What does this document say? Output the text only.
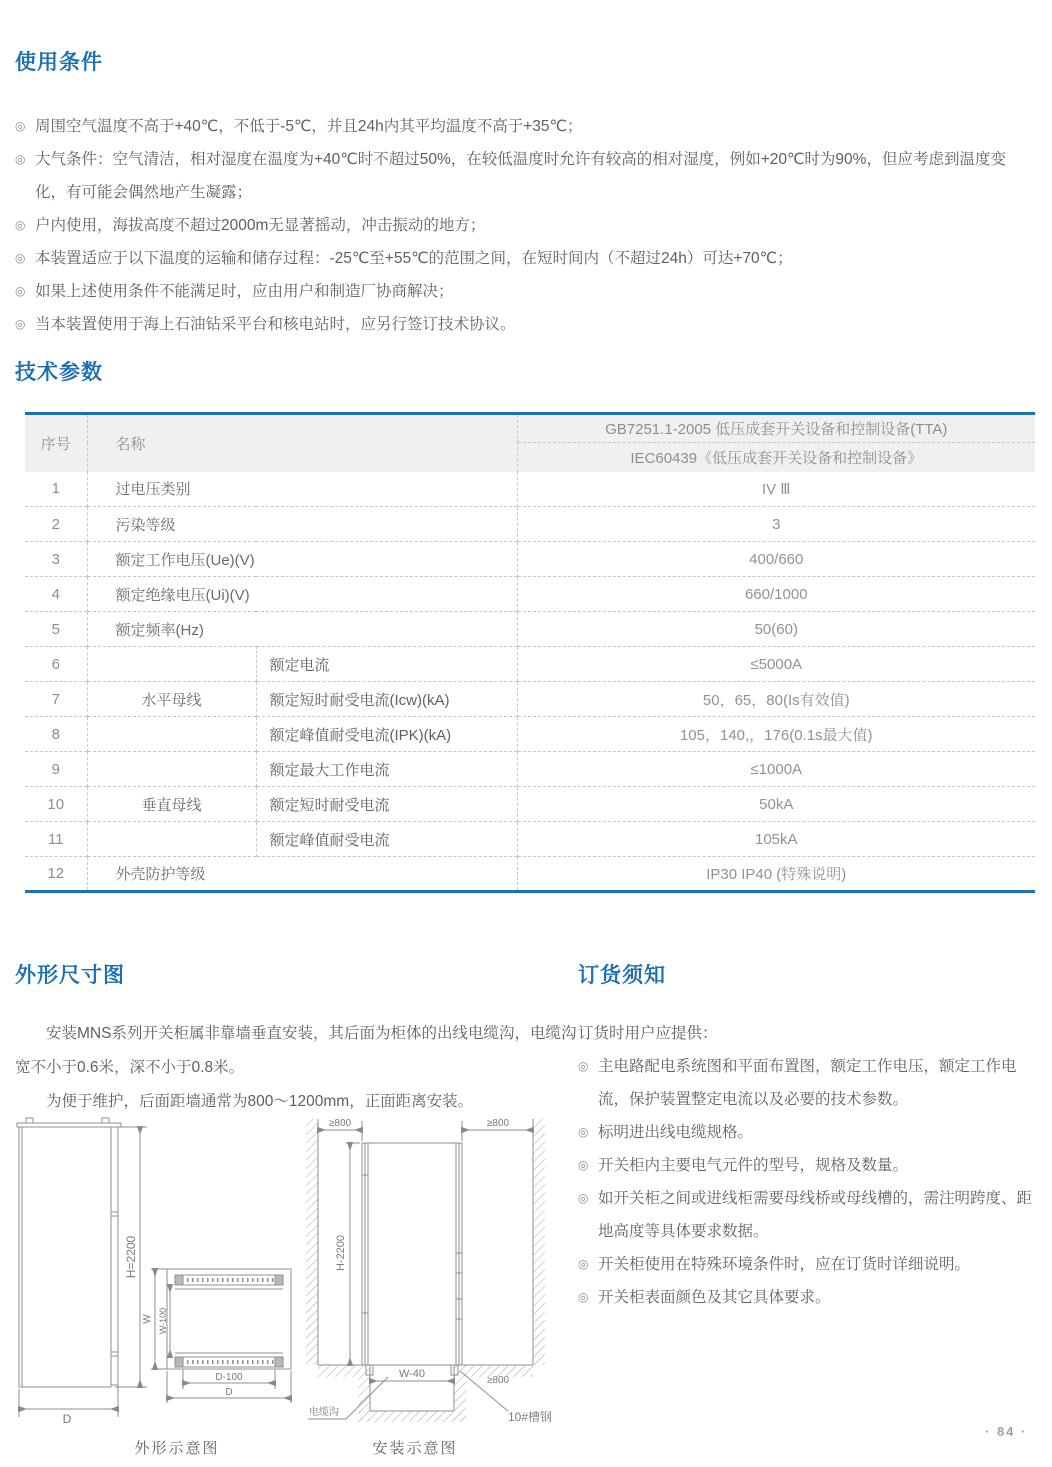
使用条件
◎ 周围空气温度不高于+40℃，不低于-5℃，并且24h内其平均温度不高于+35℃；
◎ 大气条件：空气清洁，相对湿度在温度为+40℃时不超过50%，在较低温度时允许有较高的相对湿度，例如+20℃时为90%，但应考虑到温度变化，有可能会偶然地产生凝露；
◎ 户内使用，海拔高度不超过2000m无显著摇动，冲击振动的地方；
◎ 本装置适应于以下温度的运输和储存过程：-25℃至+55℃的范围之间，在短时间内（不超过24h）可达+70℃；
◎ 如果上述使用条件不能满足时，应由用户和制造厂协商解决；
◎ 当本装置使用于海上石油钻采平台和核电站时，应另行签订技术协议。
技术参数
序号	名称		GB7251.1-2005 低压成套开关设备和控制设备(TTA)
			IEC60439《低压成套开关设备和控制设备》
1	过电压类别		IV Ⅲ
2	污染等级		3
3	额定工作电压(Ue)(V)		400/660
4	额定绝缘电压(Ui)(V)		660/1000
5	额定频率(Hz)		50(60)
6		额定电流	≤5000A
7	水平母线	额定短时耐受电流(Icw)(kA)	50，65，80(Is有效值)
8		额定峰值耐受电流(IPK)(kA)	105，140,，176(0.1s最大值)
9		额定最大工作电流	≤1000A
10	垂直母线	额定短时耐受电流	50kA
11		额定峰值耐受电流	105kA
12	外壳防护等级		IP30 IP40 (特殊说明)
外形尺寸图

安装MNS系列开关柜属非靠墙垂直安装，其后面为柜体的出线电缆沟，电缆沟宽不小于0.6米，深不小于0.8米。

为便于维护，后面距墙通常为800～1200mm，正面距离安装。

H=2200
D
W W-100
D-100
D
≥800	≥800
H-2200
W-40
≥800
电缆沟	10#槽钢
外形示意图	安装示意图
订货须知

订货时用户应提供：

◎ 主电路配电系统图和平面布置图，额定工作电压，额定工作电流，保护装置整定电流以及必要的技术参数。
◎ 标明进出线电缆规格。
◎ 开关柜内主要电气元件的型号，规格及数量。
◎ 如开关柜之间或进线柜需要母线桥或母线槽的，需注明跨度、距地高度等具体要求数据。
◎ 开关柜使用在特殊环境条件时，应在订货时详细说明。
◎ 开关柜表面颜色及其它具体要求。
· 84 ·
